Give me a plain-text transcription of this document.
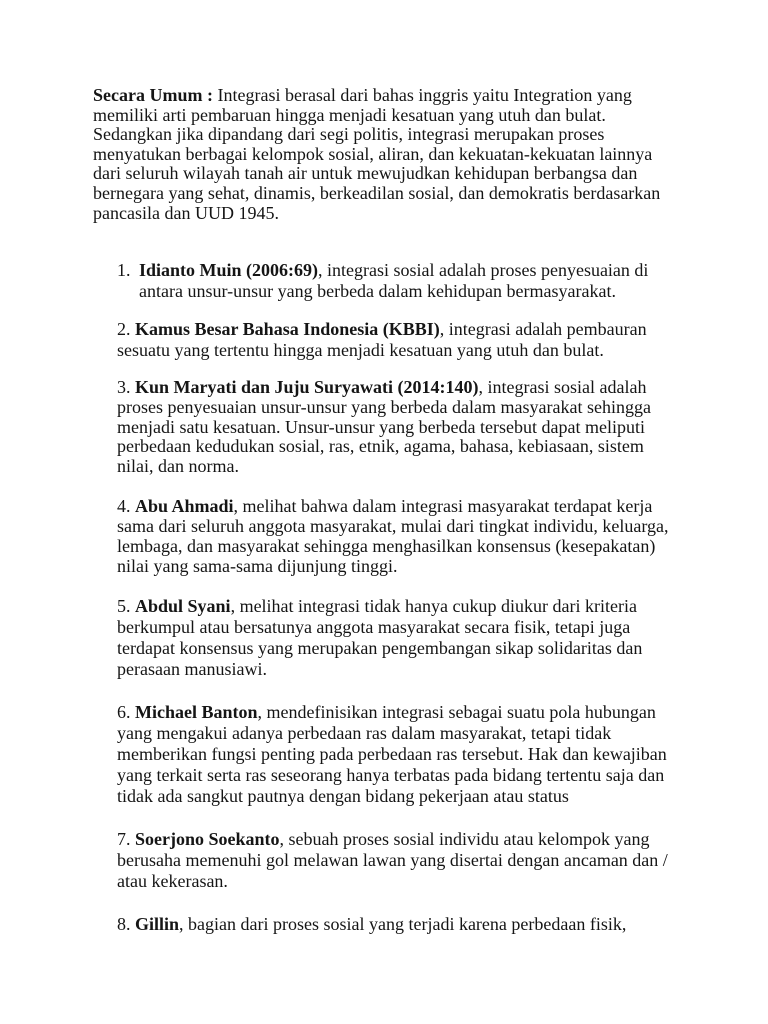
Secara Umum : Integrasi berasal dari bahas inggris yaitu Integration yang
memiliki arti pembaruan hingga menjadi kesatuan yang utuh dan bulat.
Sedangkan jika dipandang dari segi politis, integrasi merupakan proses
menyatukan berbagai kelompok sosial, aliran, dan kekuatan-kekuatan lainnya
dari seluruh wilayah tanah air untuk mewujudkan kehidupan berbangsa dan
bernegara yang sehat, dinamis, berkeadilan sosial, dan demokratis berdasarkan
pancasila dan UUD 1945.
1. Idianto Muin (2006:69), integrasi sosial adalah proses penyesuaian di
antara unsur-unsur yang berbeda dalam kehidupan bermasyarakat.
2. Kamus Besar Bahasa Indonesia (KBBI), integrasi adalah pembauran
sesuatu yang tertentu hingga menjadi kesatuan yang utuh dan bulat.
3. Kun Maryati dan Juju Suryawati (2014:140), integrasi sosial adalah
proses penyesuaian unsur-unsur yang berbeda dalam masyarakat sehingga
menjadi satu kesatuan. Unsur-unsur yang berbeda tersebut dapat meliputi
perbedaan kedudukan sosial, ras, etnik, agama, bahasa, kebiasaan, sistem
nilai, dan norma.
4. Abu Ahmadi, melihat bahwa dalam integrasi masyarakat terdapat kerja
sama dari seluruh anggota masyarakat, mulai dari tingkat individu, keluarga,
lembaga, dan masyarakat sehingga menghasilkan konsensus (kesepakatan)
nilai yang sama-sama dijunjung tinggi.
5. Abdul Syani, melihat integrasi tidak hanya cukup diukur dari kriteria
berkumpul atau bersatunya anggota masyarakat secara fisik, tetapi juga
terdapat konsensus yang merupakan pengembangan sikap solidaritas dan
perasaan manusiawi.
6. Michael Banton, mendefinisikan integrasi sebagai suatu pola hubungan
yang mengakui adanya perbedaan ras dalam masyarakat, tetapi tidak
memberikan fungsi penting pada perbedaan ras tersebut. Hak dan kewajiban
yang terkait serta ras seseorang hanya terbatas pada bidang tertentu saja dan
tidak ada sangkut pautnya dengan bidang pekerjaan atau status
7. Soerjono Soekanto, sebuah proses sosial individu atau kelompok yang
berusaha memenuhi gol melawan lawan yang disertai dengan ancaman dan /
atau kekerasan.
8. Gillin, bagian dari proses sosial yang terjadi karena perbedaan fisik,
